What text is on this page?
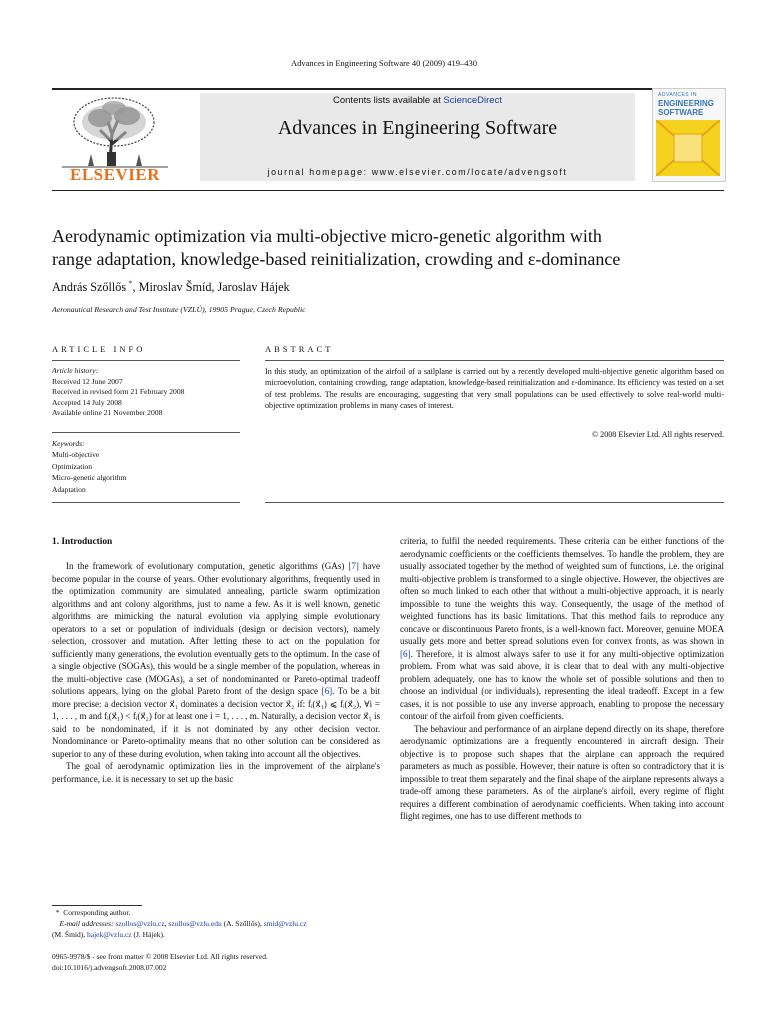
Advances in Engineering Software 40 (2009) 419–430
ELSEVIER
Contents lists available at ScienceDirect
Advances in Engineering Software
journal homepage: www.elsevier.com/locate/advengsoft
ADVANCES IN
ENGINEERING
SOFTWARE
Aerodynamic optimization via multi-objective micro-genetic algorithm with
range adaptation, knowledge-based reinitialization, crowding and ε-dominance
András Szőllős *, Miroslav Šmíd, Jaroslav Hájek
Aeronautical Research and Test Institute (VZLÚ), 19905 Prague, Czech Republic
ARTICLE INFO	ABSTRACT
Article history:
Received 12 June 2007
Received in revised form 21 February 2008
Accepted 14 July 2008
Available online 21 November 2008
Keywords:
Multi-objective
Optimization
Micro-genetic algorithm
Adaptation
In this study, an optimization of the airfoil of a sailplane is carried out by a recently developed multi-objective genetic algorithm based on microevolution, containing crowding, range adaptation, knowledge-based reinitialization and ε-dominance. Its efficiency was tested on a set of test problems. The results are encouraging, suggesting that very small populations can be used effectively to solve real-world multi-objective optimization problems in many cases of interest.
© 2008 Elsevier Ltd. All rights reserved.
1. Introduction

In the framework of evolutionary computation, genetic algorithms (GAs) [7] have become popular in the course of years. Other evolutionary algorithms, frequently used in the optimization community are simulated annealing, particle swarm optimization algorithms and ant colony algorithms, just to name a few. As it is well known, genetic algorithms are mimicking the natural evolution via applying simple evolutionary operators to a set or population of individuals (design or decision vectors), namely selection, crossover and mutation. After letting these to act on the population for sufficiently many generations, the evolution eventually gets to the optimum. In the case of a single objective (SOGAs), this would be a single member of the population, whereas in the multi-objective case (MOGAs), a set of nondominanted or Pareto-optimal tradeoff solutions appears, lying on the global Pareto front of the design space [6]. To be a bit more precise: a decision vector x⃗₁ dominates a decision vector x⃗₂ if: fᵢ(x⃗₁) ⩽ fᵢ(x⃗₂), ∀i = 1, . . . , m and fᵢ(x⃗₁) < fᵢ(x⃗₂) for at least one i = 1, . . . , m. Naturally, a decision vector x⃗₁ is said to be nondominated, if it is not dominated by any other decision vector. Nondominance or Pareto-optimality means that no other solution can be considered as superior to any of these during evolution, when taking into account all the objectives.

The goal of aerodynamic optimization lies in the improvement of the airplane's performance, i.e. it is necessary to set up the basic

criteria, to fulfil the needed requirements. These criteria can be either functions of the aerodynamic coefficients or the coefficients themselves. To handle the problem, they are usually associated together by the method of weighted sum of functions, i.e. the original multi-objective problem is transformed to a single objective. However, the objectives are often so much linked to each other that without a multi-objective approach, it is nearly impossible to tune the weights this way. Consequently, the usage of the method of weighted functions has its basic limitations. That this method fails to reproduce any concave or discontinuous Pareto fronts, is a well-known fact. Moreover, genuine MOEA usually gets more and better spread solutions even for convex fronts, as was shown in [6]. Therefore, it is almost always safer to use it for any multi-objective optimization problem. From what was said above, it is clear that to deal with any multi-objective problem adequately, one has to know the whole set of possible solutions and then to choose an individual (or individuals), representing the ideal tradeoff. Except in a few cases, it is not possible to use any inverse approach, enabling to propose the necessary contour of the airfoil from given coefficients.

The behaviour and performance of an airplane depend directly on its shape, therefore aerodynamic optimizations are a frequently encountered in aircraft design. Their objective is to propose such shapes that the airplane can approach the required parameters as much as possible. However, their nature is often so contradictory that it is impossible to treat them separately and the final shape of the airplane represents always a trade-off among these parameters. As of the airplane's airfoil, every regime of flight requires a different combination of aerodynamic coefficients. When taking into account flight regimes, one has to use different methods to

* Corresponding author.
E-mail addresses: szollos@vzlu.cz, szollos@vzlu.edu (A. Szőllős), smid@vzlu.cz
(M. Šmíd), hajek@vzlu.cz (J. Hájek).
0965-9978/$ - see front matter © 2008 Elsevier Ltd. All rights reserved.
doi:10.1016/j.advengsoft.2008.07.002
